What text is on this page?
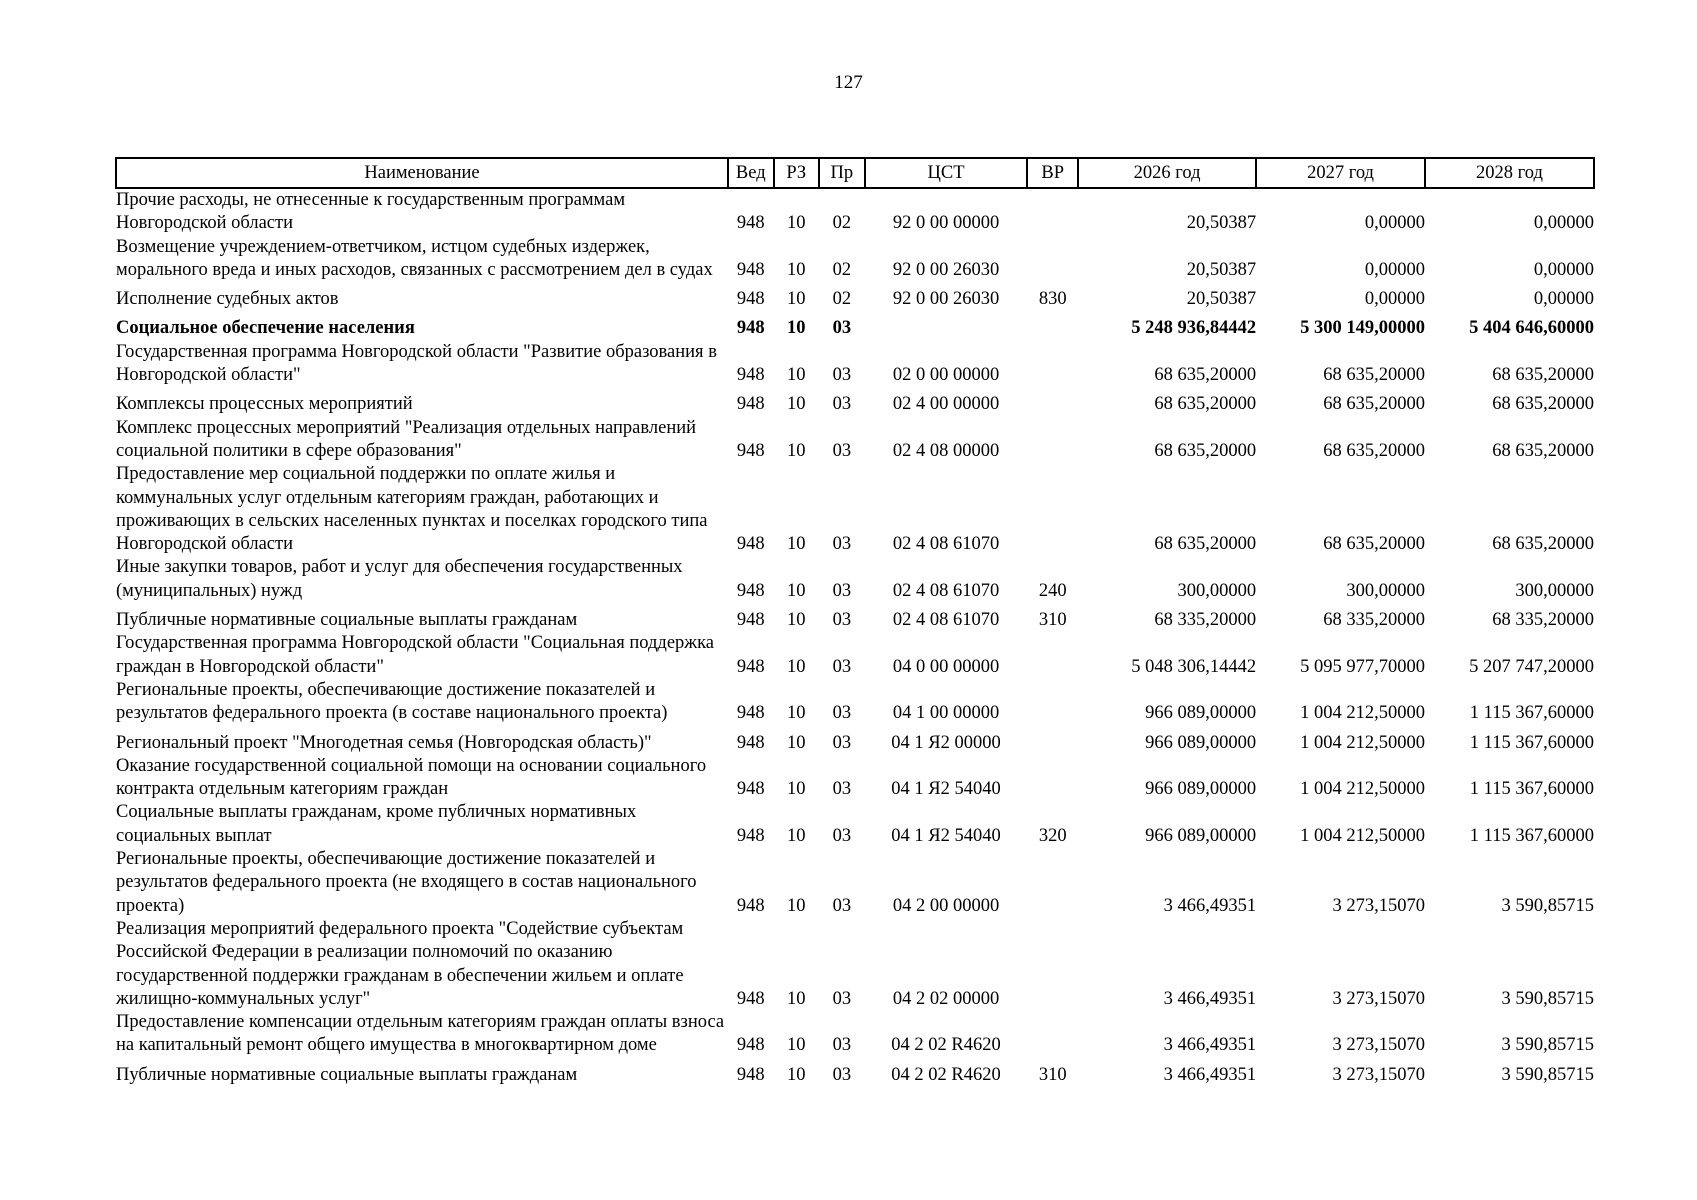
127
Наименование	Вед	РЗ	Пр	ЦСТ	ВР	2026 год	2027 год	2028 год
Прочие расходы, не отнесенные к государственным программам Новгородской области	948	10	02	92 0 00 00000		20,50387	0,00000	0,00000
Возмещение учреждением-ответчиком, истцом судебных издержек, морального вреда и иных расходов, связанных с рассмотрением дел в судах	948	10	02	92 0 00 26030		20,50387	0,00000	0,00000
Исполнение судебных актов	948	10	02	92 0 00 26030	830	20,50387	0,00000	0,00000
Социальное обеспечение населения	948	10	03			5 248 936,84442	5 300 149,00000	5 404 646,60000
Государственная программа Новгородской области "Развитие образования в Новгородской области"	948	10	03	02 0 00 00000		68 635,20000	68 635,20000	68 635,20000
Комплексы процессных мероприятий	948	10	03	02 4 00 00000		68 635,20000	68 635,20000	68 635,20000
Комплекс процессных мероприятий "Реализация отдельных направлений социальной политики в сфере образования"	948	10	03	02 4 08 00000		68 635,20000	68 635,20000	68 635,20000
Предоставление мер социальной поддержки по оплате жилья и коммунальных услуг отдельным категориям граждан, работающих и проживающих в сельских населенных пунктах и поселках городского типа Новгородской области	948	10	03	02 4 08 61070		68 635,20000	68 635,20000	68 635,20000
Иные закупки товаров, работ и услуг для обеспечения государственных (муниципальных) нужд	948	10	03	02 4 08 61070	240	300,00000	300,00000	300,00000
Публичные нормативные социальные выплаты гражданам	948	10	03	02 4 08 61070	310	68 335,20000	68 335,20000	68 335,20000
Государственная программа Новгородской области "Социальная поддержка граждан в Новгородской области"	948	10	03	04 0 00 00000		5 048 306,14442	5 095 977,70000	5 207 747,20000
Региональные проекты, обеспечивающие достижение показателей и результатов федерального проекта (в составе национального проекта)	948	10	03	04 1 00 00000		966 089,00000	1 004 212,50000	1 115 367,60000
Региональный проект "Многодетная семья (Новгородская область)"	948	10	03	04 1 Я2 00000		966 089,00000	1 004 212,50000	1 115 367,60000
Оказание государственной социальной помощи на основании социального контракта отдельным категориям граждан	948	10	03	04 1 Я2 54040		966 089,00000	1 004 212,50000	1 115 367,60000
Социальные выплаты гражданам, кроме публичных нормативных социальных выплат	948	10	03	04 1 Я2 54040	320	966 089,00000	1 004 212,50000	1 115 367,60000
Региональные проекты, обеспечивающие достижение показателей и результатов федерального проекта (не входящего в состав национального проекта)	948	10	03	04 2 00 00000		3 466,49351	3 273,15070	3 590,85715
Реализация мероприятий федерального проекта "Содействие субъектам Российской Федерации в реализации полномочий по оказанию государственной поддержки гражданам в обеспечении жильем и оплате жилищно-коммунальных услуг"	948	10	03	04 2 02 00000		3 466,49351	3 273,15070	3 590,85715
Предоставление компенсации отдельным категориям граждан оплаты взноса на капитальный ремонт общего имущества в многоквартирном доме	948	10	03	04 2 02 R4620		3 466,49351	3 273,15070	3 590,85715
Публичные нормативные социальные выплаты гражданам	948	10	03	04 2 02 R4620	310	3 466,49351	3 273,15070	3 590,85715
